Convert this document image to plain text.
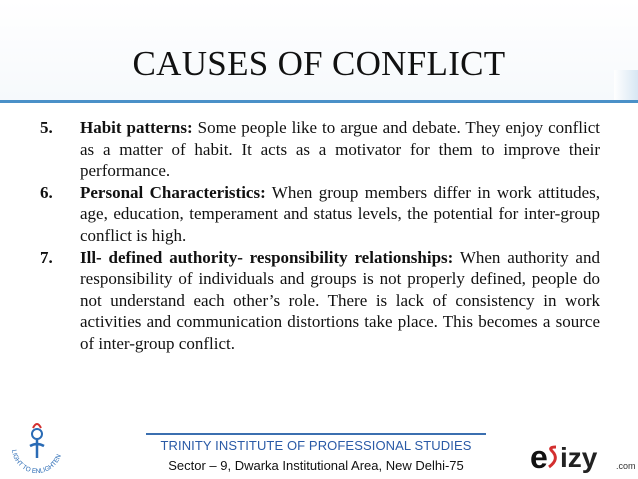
CAUSES OF CONFLICT
5. Habit patterns: Some people like to argue and debate. They enjoy conflict as a matter of habit. It acts as a motivator for them to improve their performance.
6. Personal Characteristics: When group members differ in work attitudes, age, education, temperament and status levels, the potential for inter-group conflict is high.
7. Ill- defined authority- responsibility relationships: When authority and responsibility of individuals and groups is not properly defined, people do not understand each other’s role. There is lack of consistency in work activities and communication distortions take place. This becomes a source of inter-group conflict.
LIGHT TO ENLIGHTEN
TRINITY INSTITUTE OF PROFESSIONAL STUDIES
Sector – 9, Dwarka Institutional Area, New Delhi-75	e izy .com
